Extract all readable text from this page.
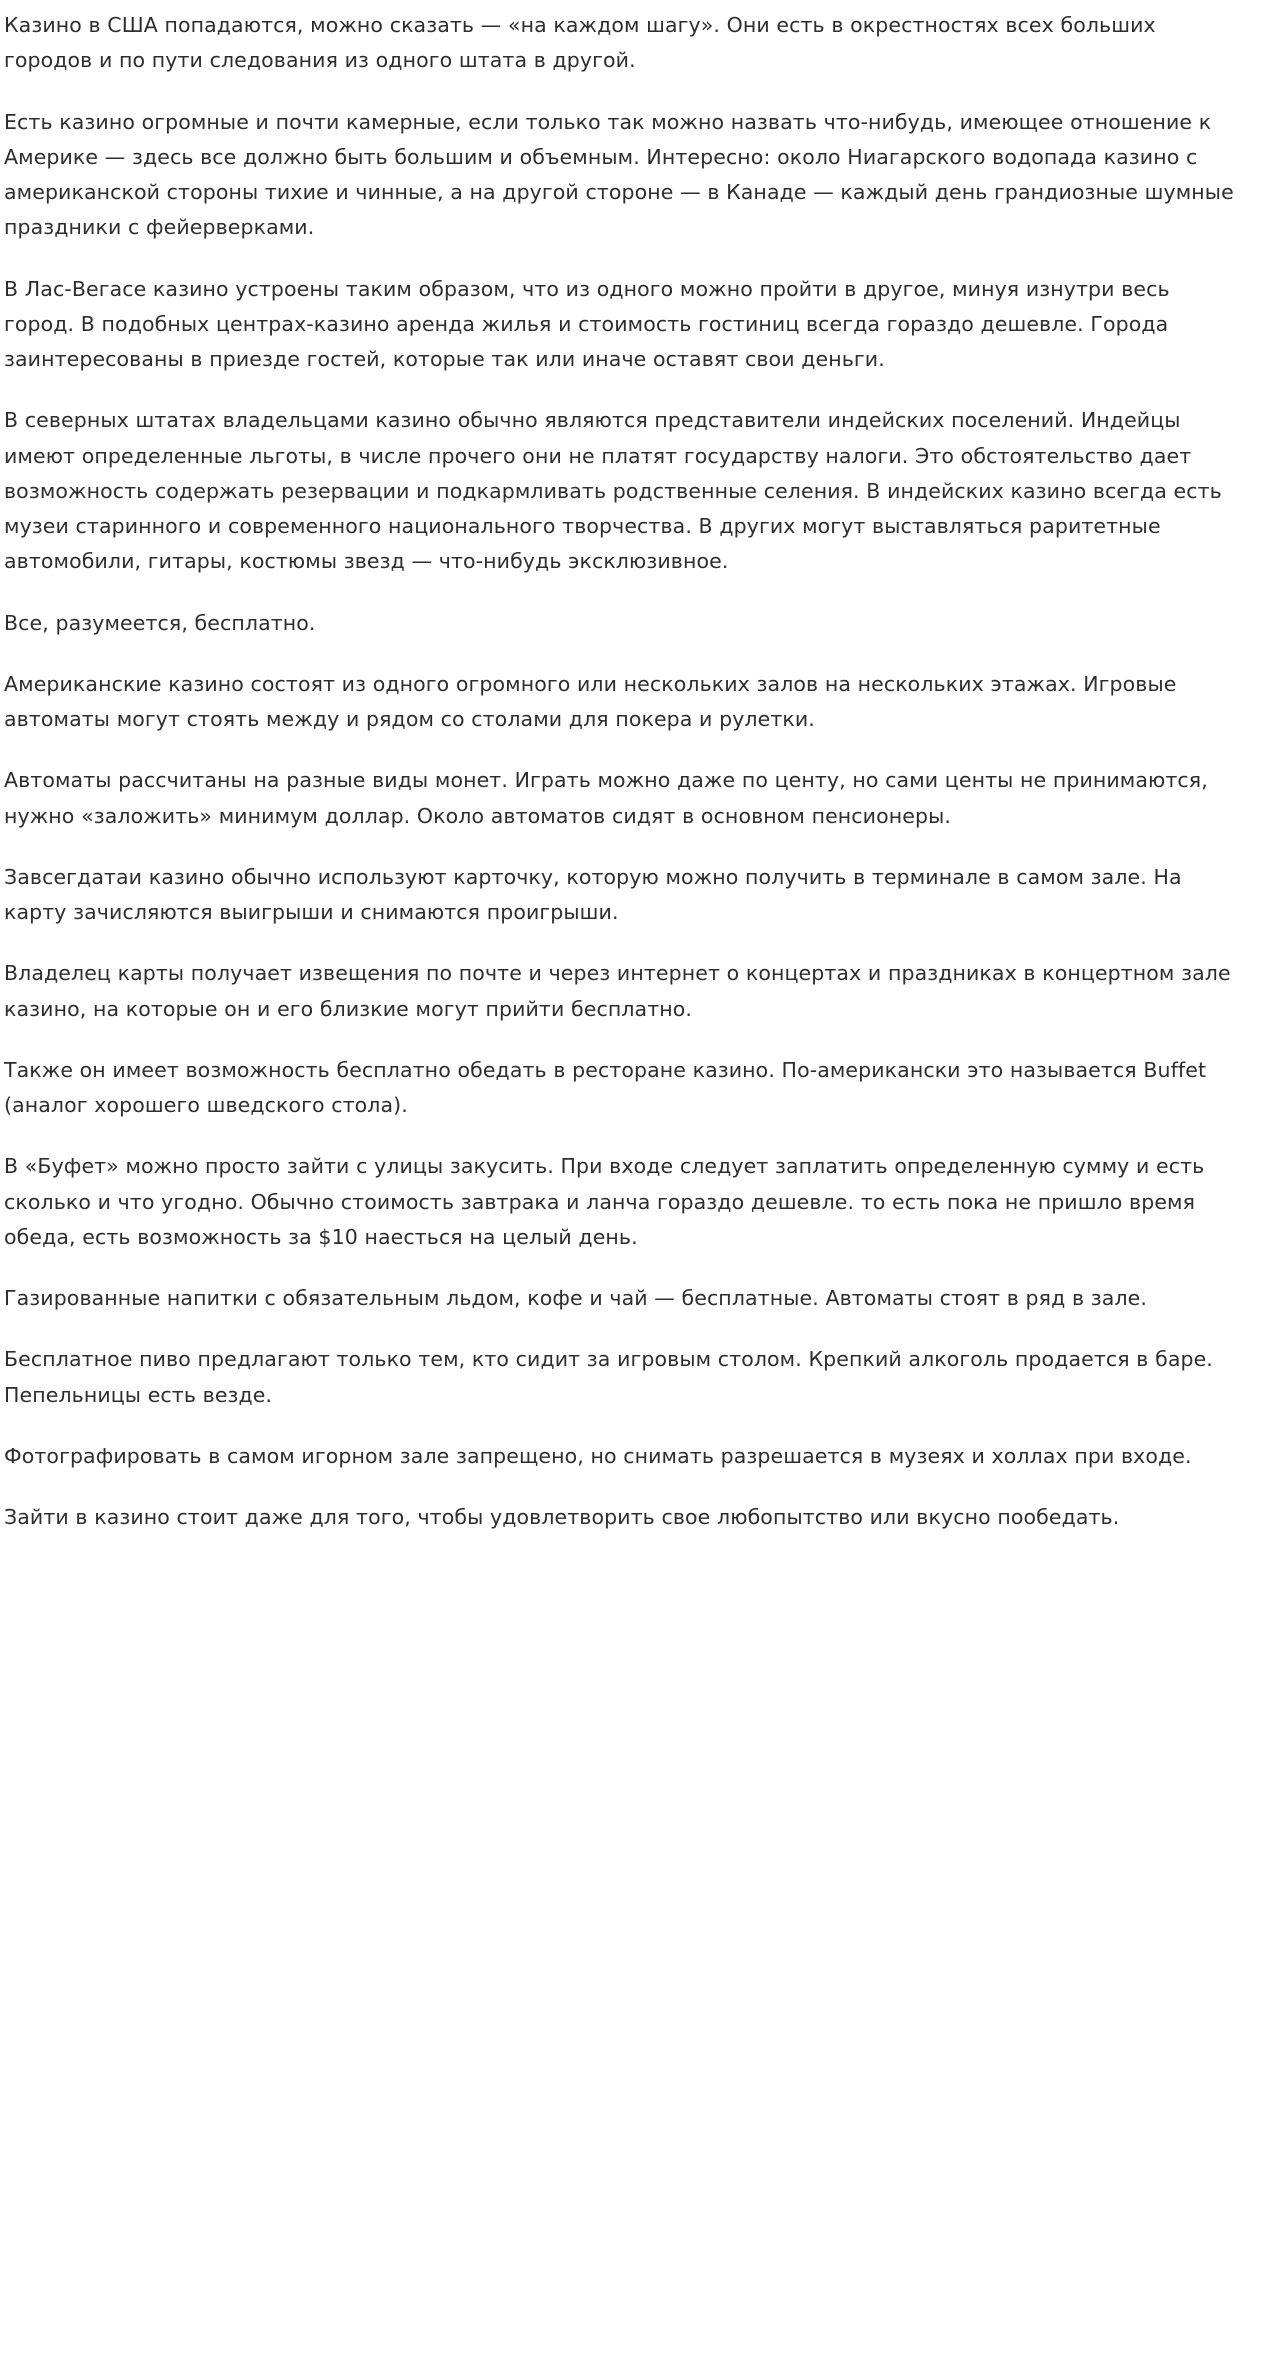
Казино в США попадаются, можно сказать — «на каждом шагу». Они есть в окрестностях всех больших городов и по пути следования из одного штата в другой.

Есть казино огромные и почти камерные, если только так можно назвать что-нибудь, имеющее отношение к Америке — здесь все должно быть большим и объемным. Интересно: около Ниагарского водопада казино с американской стороны тихие и чинные, а на другой стороне — в Канаде — каждый день грандиозные шумные праздники с фейерверками.

В Лас-Вегасе казино устроены таким образом, что из одного можно пройти в другое, минуя изнутри весь город. В подобных центрах-казино аренда жилья и стоимость гостиниц всегда гораздо дешевле. Города заинтересованы в приезде гостей, которые так или иначе оставят свои деньги.

В северных штатах владельцами казино обычно являются представители индейских поселений. Индейцы имеют определенные льготы, в числе прочего они не платят государству налоги. Это обстоятельство дает возможность содержать резервации и подкармливать родственные селения. В индейских казино всегда есть музеи старинного и современного национального творчества. В других могут выставляться раритетные автомобили, гитары, костюмы звезд — что-нибудь эксклюзивное.

Все, разумеется, бесплатно.

Американские казино состоят из одного огромного или нескольких залов на нескольких этажах. Игровые автоматы могут стоять между и рядом со столами для покера и рулетки.

Автоматы рассчитаны на разные виды монет. Играть можно даже по центу, но сами центы не принимаются, нужно «заложить» минимум доллар. Около автоматов сидят в основном пенсионеры.

Завсегдатаи казино обычно используют карточку, которую можно получить в терминале в самом зале. На карту зачисляются выигрыши и снимаются проигрыши.

Владелец карты получает извещения по почте и через интернет о концертах и праздниках в концертном зале казино, на которые он и его близкие могут прийти бесплатно.

Также он имеет возможность бесплатно обедать в ресторане казино. По-американски это называется Buffet (аналог хорошего шведского стола).

В «Буфет» можно просто зайти с улицы закусить. При входе следует заплатить определенную сумму и есть сколько и что угодно. Обычно стоимость завтрака и ланча гораздо дешевле. то есть пока не пришло время обеда, есть возможность за $10 наесться на целый день.

Газированные напитки с обязательным льдом, кофе и чай — бесплатные. Автоматы стоят в ряд в зале.

Бесплатное пиво предлагают только тем, кто сидит за игровым столом. Крепкий алкоголь продается в баре. Пепельницы есть везде.

Фотографировать в самом игорном зале запрещено, но снимать разрешается в музеях и холлах при входе.

Зайти в казино стоит даже для того, чтобы удовлетворить свое любопытство или вкусно пообедать.
